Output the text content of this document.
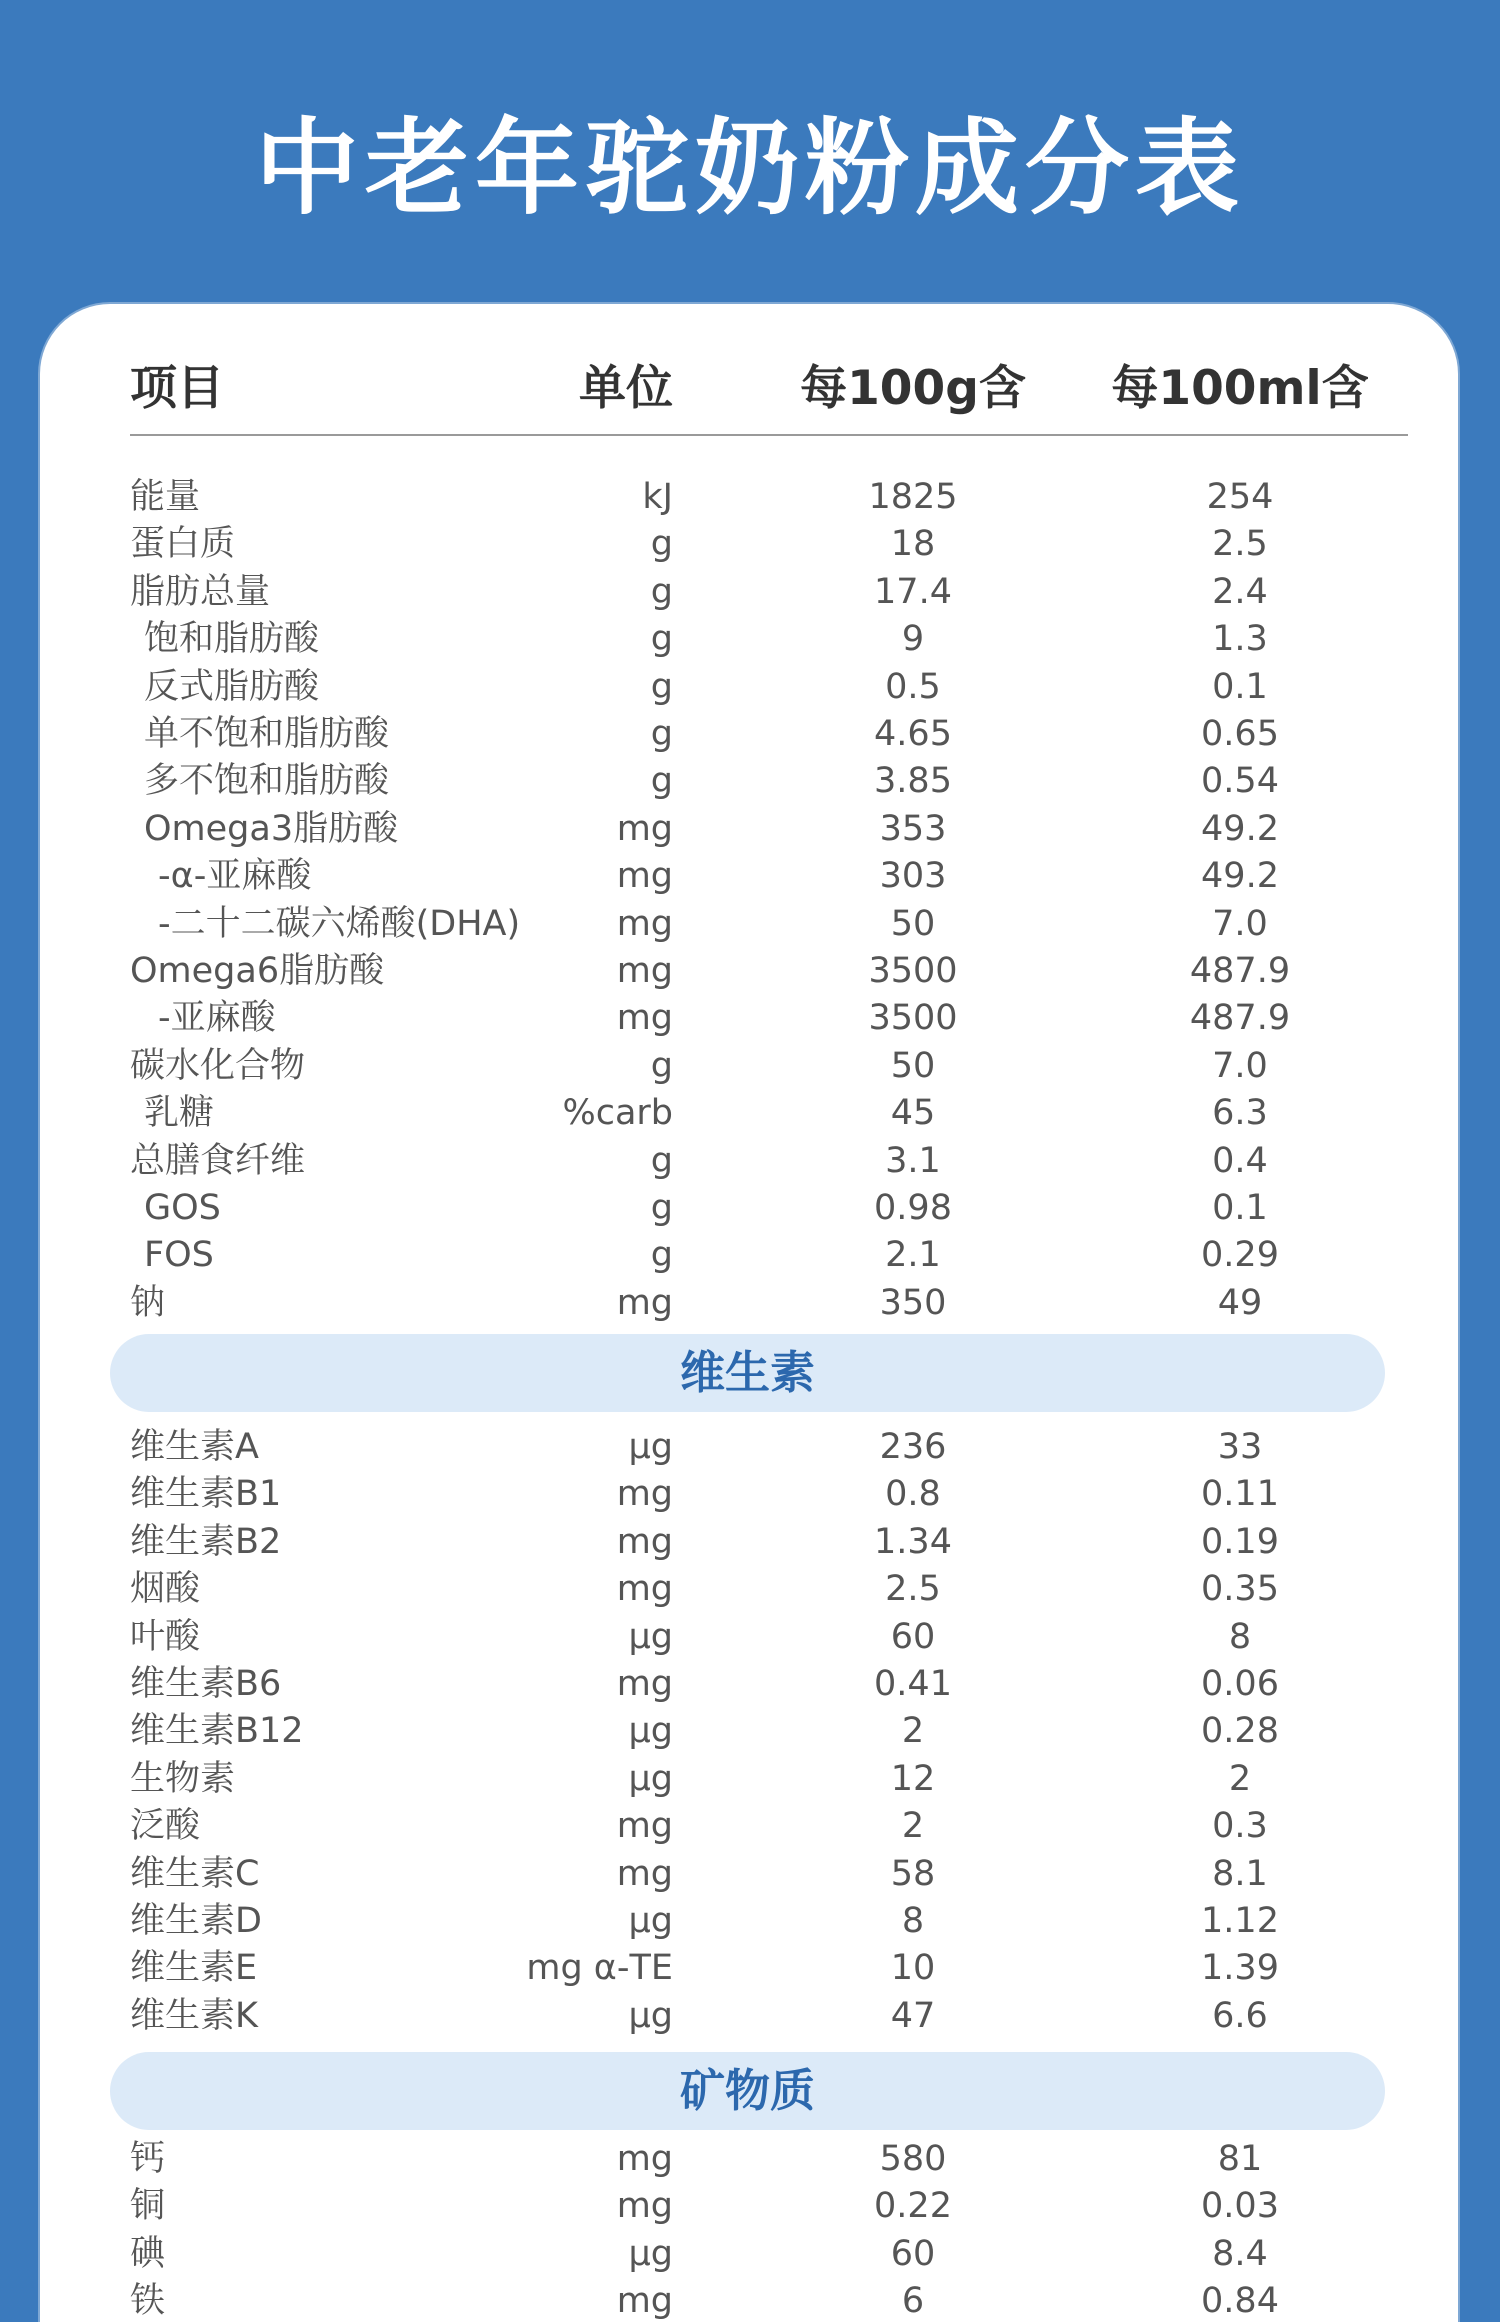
中老年驼奶粉成分表
项目	单位	每100g含	每100ml含
能量	kJ	1825	254
蛋白质	g	18	2.5
脂肪总量	g	17.4	2.4
饱和脂肪酸	g	9	1.3
反式脂肪酸	g	0.5	0.1
单不饱和脂肪酸	g	4.65	0.65
多不饱和脂肪酸	g	3.85	0.54
Omega3脂肪酸	mg	353	49.2
-α-亚麻酸	mg	303	49.2
-二十二碳六烯酸(DHA)	mg	50	7.0
Omega6脂肪酸	mg	3500	487.9
-亚麻酸	mg	3500	487.9
碳水化合物	g	50	7.0
乳糖	%carb	45	6.3
总膳食纤维	g	3.1	0.4
GOS	g	0.98	0.1
FOS	g	2.1	0.29
钠	mg	350	49
维生素
维生素A	μg	236	33
维生素B1	mg	0.8	0.11
维生素B2	mg	1.34	0.19
烟酸	mg	2.5	0.35
叶酸	μg	60	8
维生素B6	mg	0.41	0.06
维生素B12	μg	2	0.28
生物素	μg	12	2
泛酸	mg	2	0.3
维生素C	mg	58	8.1
维生素D	μg	8	1.12
维生素E	mg α-TE	10	1.39
维生素K	μg	47	6.6
矿物质
钙	mg	580	81
铜	mg	0.22	0.03
碘	μg	60	8.4
铁	mg	6	0.84
